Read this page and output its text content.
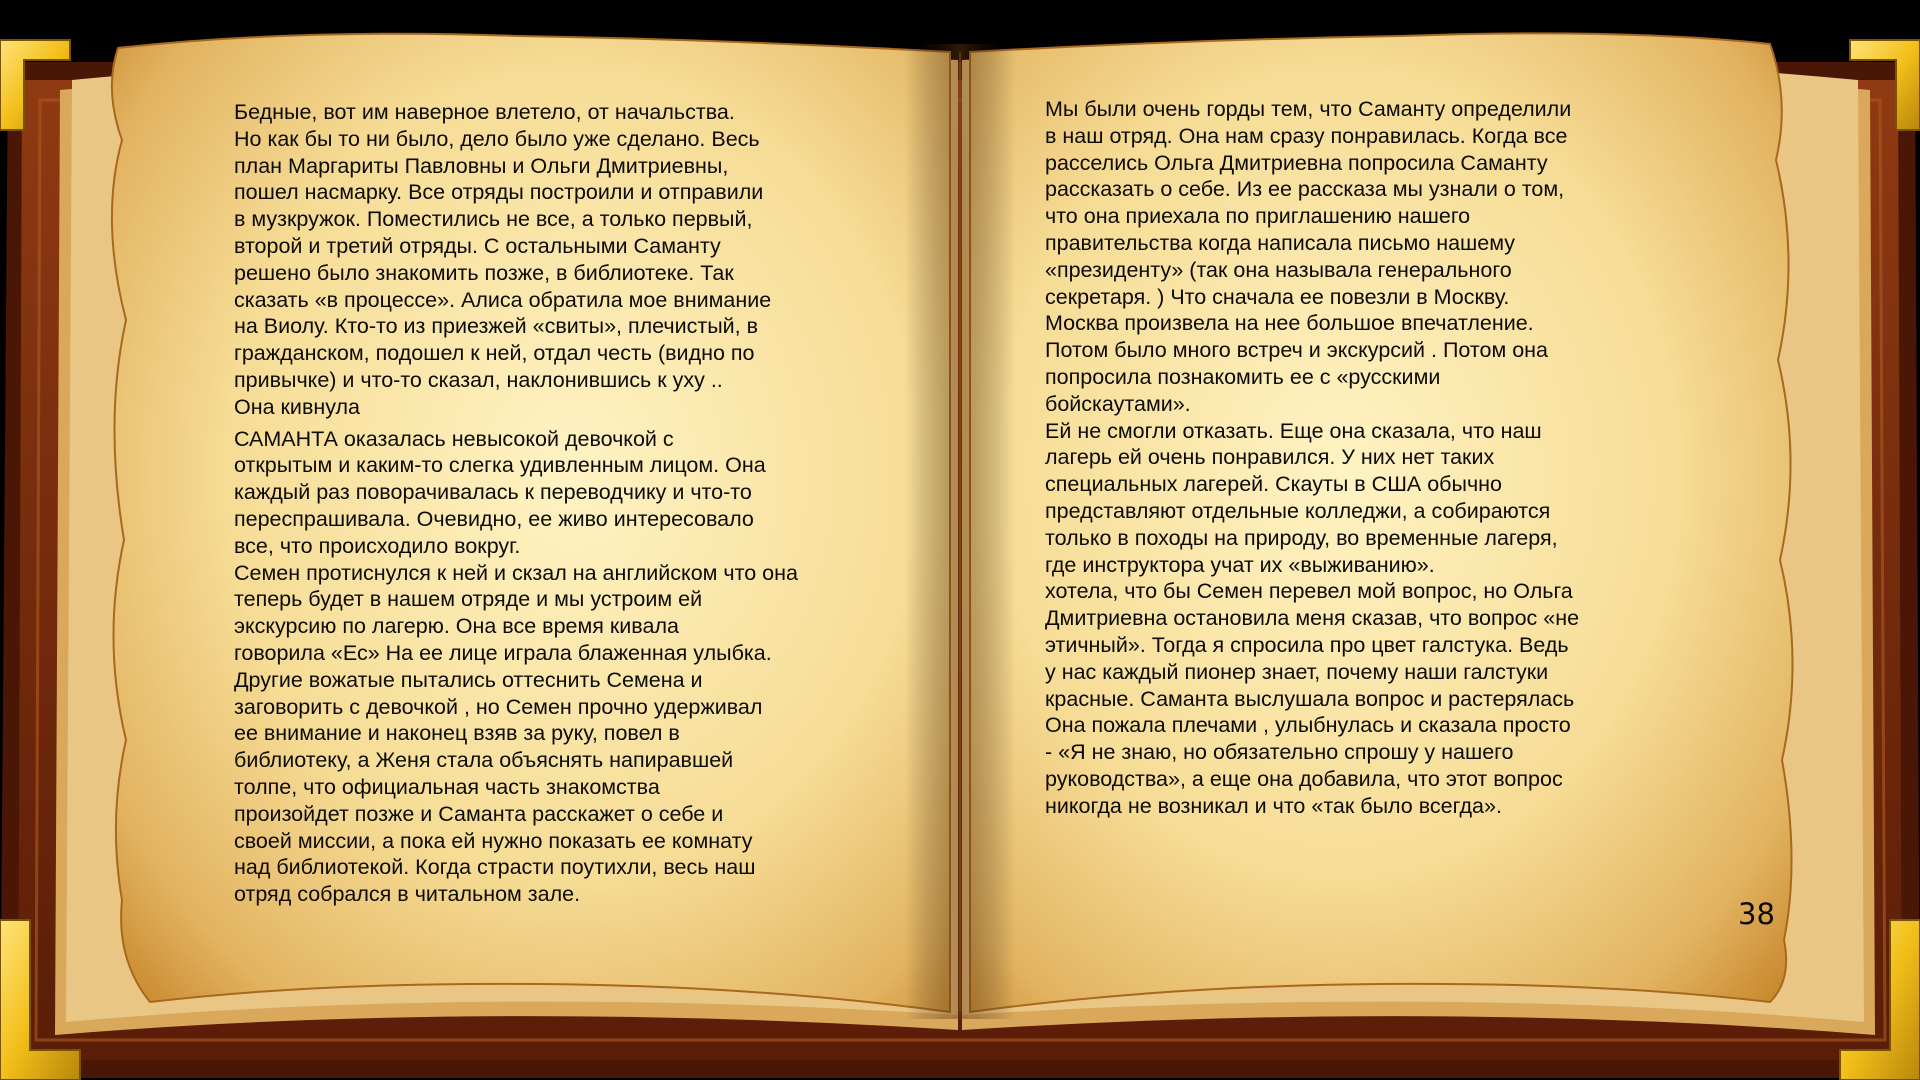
Бедные, вот им наверное влетело, от начальства.
Но как бы то ни было, дело было уже сделано. Весь
план Маргариты Павловны и Ольги Дмитриевны,
пошел насмарку. Все отряды построили и отправили
в музкружок. Поместились не все, а только первый,
второй и третий отряды. С остальными Саманту
решено было знакомить позже, в библиотеке. Так
сказать «в процессе». Алиса обратила мое внимание
на Виолу. Кто-то из приезжей «свиты», плечистый, в
гражданском, подошел к ней, отдал честь (видно по
привычке) и что-то сказал, наклонившись к уху ..
Она кивнула
САМАНТА оказалась невысокой девочкой с
открытым и каким-то слегка удивленным лицом. Она
каждый раз поворачивалась к переводчику и что-то
переспрашивала. Очевидно, ее живо интересовало
все, что происходило вокруг.
Семен протиснулся к ней и скзал на английском что она
теперь будет в нашем отряде и мы устроим ей
экскурсию по лагерю. Она все время кивала
говорила «Ес» На ее лице играла блаженная улыбка.
Другие вожатые пытались оттеснить Семена и
заговорить с девочкой , но Семен прочно удерживал
ее внимание и наконец взяв за руку, повел в
библиотеку, а Женя стала объяснять напиравшей
толпе, что официальная часть знакомства
произойдет позже и Саманта расскажет о себе и
своей миссии, а пока ей нужно показать ее комнату
над библиотекой. Когда страсти поутихли, весь наш
отряд собрался в читальном зале.
Мы были очень горды тем, что Саманту определили
в наш отряд. Она нам сразу понравилась. Когда все
расселись Ольга Дмитриевна попросила Саманту
рассказать о себе. Из ее рассказа мы узнали о том,
что она приехала по приглашению нашего
правительства когда написала письмо нашему
«президенту» (так она называла генерального
секретаря. ) Что сначала ее повезли в Москву.
Москва произвела на нее большое впечатление.
Потом было много встреч и экскурсий . Потом она
попросила познакомить ее с «русскими
бойскаутами».
Ей не смогли отказать. Еще она сказала, что наш
лагерь ей очень понравился. У них нет таких
специальных лагерей. Скауты в США обычно
представляют отдельные колледжи, а собираются
только в походы на природу, во временные лагеря,
где инструктора учат их «выживанию».
хотела, что бы Семен перевел мой вопрос, но Ольга
Дмитриевна остановила меня сказав, что вопрос «не
этичный». Тогда я спросила про цвет галстука. Ведь
у нас каждый пионер знает, почему наши галстуки
красные. Саманта выслушала вопрос и растерялась
Она пожала плечами , улыбнулась и сказала просто
- «Я не знаю, но обязательно спрошу у нашего
руководства», а еще она добавила, что этот вопрос
никогда не возникал и что «так было всегда».
38
